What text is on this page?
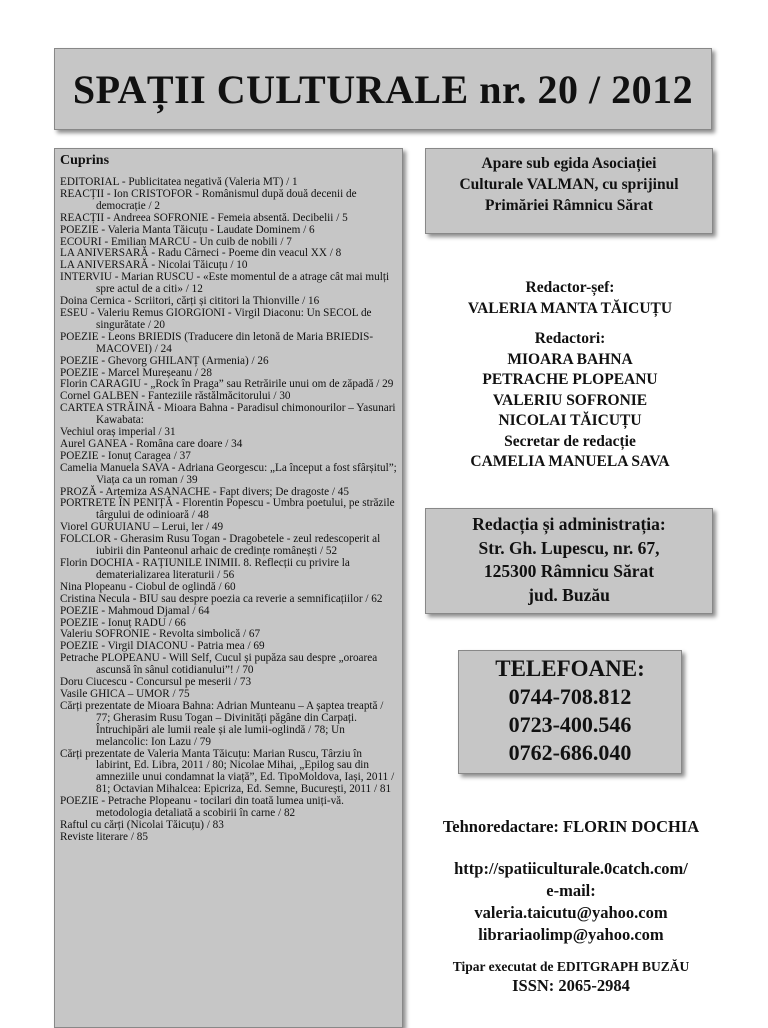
SPAȚII CULTURALE nr. 20 / 2012
Cuprins
EDITORIAL - Publicitatea negativă (Valeria MT) / 1
REACȚII - Ion CRISTOFOR - Românismul după două decenii de democrație / 2
REACȚII - Andreea SOFRONIE - Femeia absentă. Decibelii / 5
POEZIE - Valeria Manta Tăicuțu - Laudate Dominem / 6
ECOURI - Emilian MARCU - Un cuib de nobili / 7
LA ANIVERSARĂ - Radu Cârneci - Poeme din veacul XX / 8
LA ANIVERSARĂ - Nicolai Tăicuțu / 10
INTERVIU - Marian RUSCU - «Este momentul de a atrage cât mai mulți spre actul de a citi» / 12
Doina Cernica - Scriitori, cărți și cititori la Thionville / 16
ESEU - Valeriu Remus GIORGIONI - Virgil Diaconu: Un SECOL de singurătate / 20
POEZIE - Leons BRIEDIS (Traducere din letonă de Maria BRIEDIS-MACOVEI) / 24
POEZIE - Ghevorg GHILANȚ (Armenia) / 26
POEZIE - Marcel Mureșeanu / 28
Florin CARAGIU - „Rock în Praga” sau Retrăirile unui om de zăpadă / 29
Cornel GALBEN - Fanteziile răstălmăcitorului / 30
CARTEA STRĂINĂ - Mioara Bahna - Paradisul chimonourilor – Yasunari Kawabata:
Vechiul oraș imperial / 31
Aurel GANEA - Româna care doare / 34
POEZIE - Ionuț Caragea / 37
Camelia Manuela SAVA - Adriana Georgescu: „La început a fost sfârșitul”; Viața ca un roman / 39
PROZĂ - Artemiza ASANACHE - Fapt divers; De dragoste / 45
PORTRETE ÎN PENIȚĂ - Florentin Popescu - Umbra poetului, pe străzile târgului de odinioară / 48
Viorel GURUIANU – Lerui, ler / 49
FOLCLOR - Gherasim Rusu Togan - Dragobetele - zeul redescoperit al iubirii din Panteonul arhaic de credințe românești / 52
Florin DOCHIA - RAȚIUNILE INIMII. 8. Reflecții cu privire la dematerializarea literaturii / 56
Nina Plopeanu - Ciobul de oglindă / 60
Cristina Necula - BIU sau despre poezia ca reverie a semnificațiilor / 62
POEZIE - Mahmoud Djamal / 64
POEZIE - Ionuț RADU / 66
Valeriu SOFRONIE - Revolta simbolică / 67
POEZIE - Virgil DIACONU - Patria mea / 69
Petrache PLOPEANU - Will Self, Cucul și pupăza sau despre „oroarea ascunsă în sânul cotidianului”! / 70
Doru Ciucescu - Concursul pe meserii / 73
Vasile GHICA – UMOR / 75
Cărți prezentate de Mioara Bahna: Adrian Munteanu – A șaptea treaptă / 77; Gherasim Rusu Togan – Divinități păgâne din Carpați. Întruchipări ale lumii reale și ale lumii-oglindă / 78; Un melancolic: Ion Lazu / 79
Cărți prezentate de Valeria Manta Tăicuțu: Marian Ruscu, Târziu în labirint, Ed. Libra, 2011 / 80; Nicolae Mihai, „Epilog sau din amneziile unui condamnat la viață”, Ed. TipoMoldova, Iași, 2011 / 81; Octavian Mihalcea: Epicriza, Ed. Semne, București, 2011 / 81
POEZIE - Petrache Plopeanu - tocilari din toată lumea uniți-vă. metodologia detaliată a scobirii în carne / 82
Raftul cu cărți (Nicolai Tăicuțu) / 83
Reviste literare / 85
Apare sub egida Asociației
Culturale VALMAN, cu sprijinul
Primăriei Râmnicu Sărat
Redactor-șef:
VALERIA MANTA TĂICUȚU
Redactori:
MIOARA BAHNA
PETRACHE PLOPEANU
VALERIU SOFRONIE
NICOLAI TĂICUȚU
Secretar de redacție
CAMELIA MANUELA SAVA
Redacția și administrația:
Str. Gh. Lupescu, nr. 67,
125300 Râmnicu Sărat
jud. Buzău
TELEFOANE:
0744-708.812
0723-400.546
0762-686.040
Tehnoredactare: FLORIN DOCHIA
http://spatiiculturale.0catch.com/
e-mail:
valeria.taicutu@yahoo.com
librariaolimp@yahoo.com
Tipar executat de EDITGRAPH BUZĂU
ISSN: 2065-2984
